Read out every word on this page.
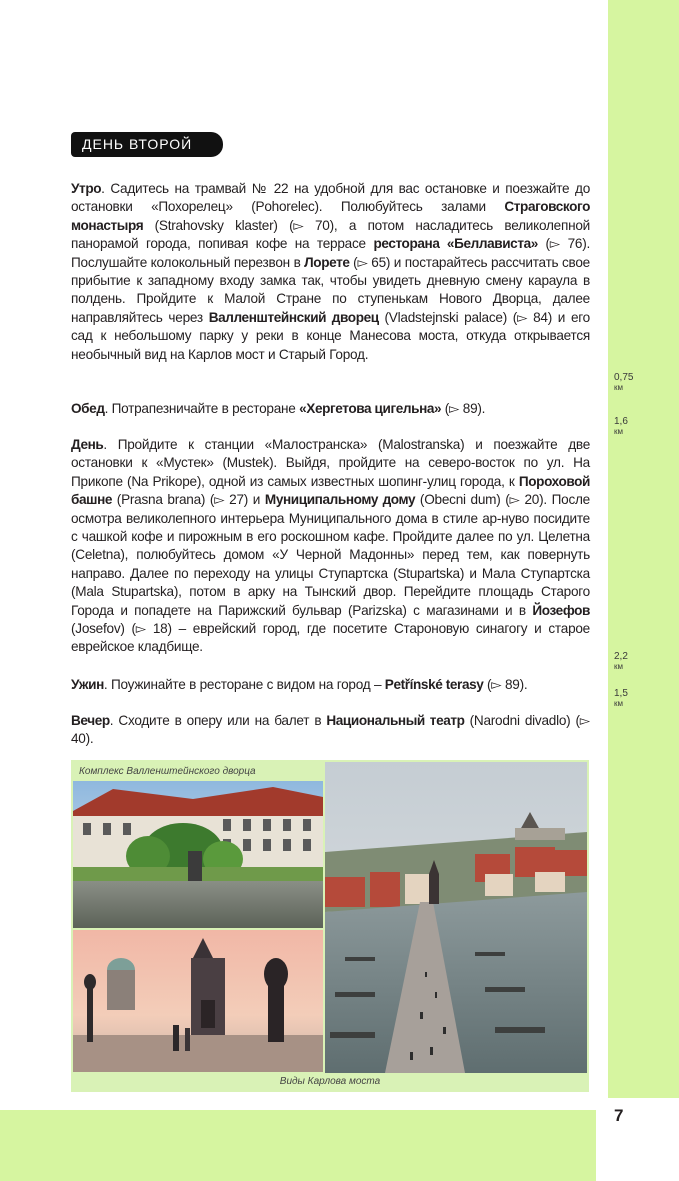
7
ДЕНЬ ВТОРОЙ
Утро. Садитесь на трамвай № 22 на удобной для вас остановке и поезжайте до остановки «Похорелец» (Pohorelec). Полюбуйтесь залами Страговского монастыря (Strahovsky klaster) (▻ 70), а потом насладитесь великолепной панорамой города, попивая кофе на террасе ресторана «Беллависта» (▻ 76). Послушайте колокольный перезвон в Лорете (▻ 65) и постарайтесь рассчитать свое прибытие к западному входу замка так, чтобы увидеть дневную смену караула в полдень. Пройдите к Малой Стране по ступенькам Нового Дворца, далее направляйтесь через Валленштейнский дворец (Vladstejnski palace) (▻ 84) и его сад к небольшому парку у реки в конце Манесова моста, откуда открывается необычный вид на Карлов мост и Старый Город.
Обед. Потрапезничайте в ресторане «Хергетова цигельна» (▻ 89).
День. Пройдите к станции «Малостранска» (Malostranska) и поезжайте две остановки к «Мустек» (Mustek). Выйдя, пройдите на северо-восток по ул. На Прикопе (Na Prikope), одной из самых известных шопинг-улиц города, к Пороховой башне (Prasna brana) (▻ 27) и Муниципальному дому (Obecni dum) (▻ 20). После осмотра великолепного интерьера Муниципального дома в стиле ар-нуво посидите с чашкой кофе и пирожным в его роскошном кафе. Пройдите далее по ул. Целетна (Celetna), полюбуйтесь домом «У Черной Мадонны» перед тем, как повернуть направо. Далее по переходу на улицы Ступартска (Stupartska) и Мала Ступартска (Mala Stupartska), потом в арку на Тынский двор. Перейдите площадь Старого Города и попадете на Парижский бульвар (Parizska) с магазинами и в Йозефов (Josefov) (▻ 18) – еврейский город, где посетите Староновую синагогу и старое еврейское кладбище.
Ужин. Поужинайте в ресторане с видом на город – Petřínské terasy (▻ 89).
Вечер. Сходите в оперу или на балет в Национальный театр (Narodni divadlo) (▻ 40).
0,75
км
1,6
км
2,2
км
1,5
км
Комплекс Валленштейнского дворца
Виды Карлова моста
